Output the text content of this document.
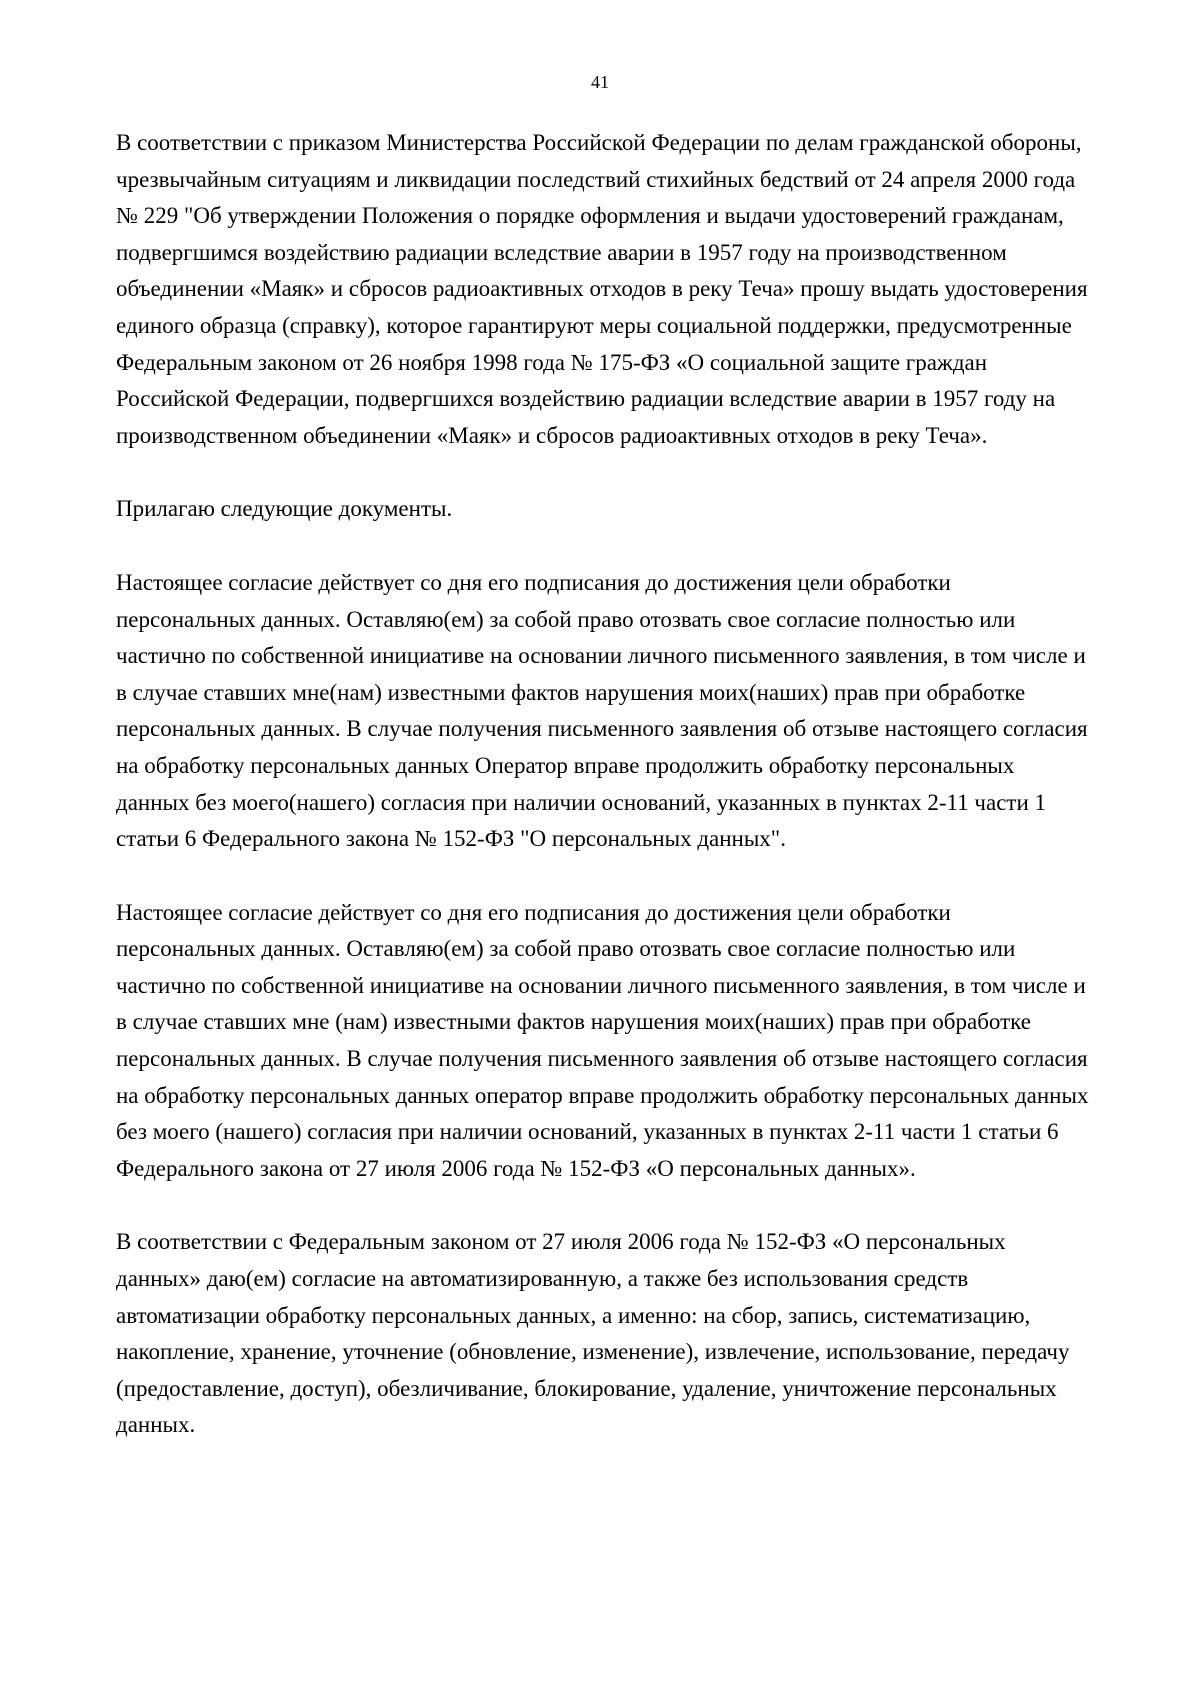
41
В соответствии с приказом Министерства Российской Федерации по делам гражданской обороны,
чрезвычайным ситуациям и ликвидации последствий стихийных бедствий от 24 апреля 2000 года
№ 229 "Об утверждении Положения о порядке оформления и выдачи удостоверений гражданам,
подвергшимся воздействию радиации вследствие аварии в 1957 году на производственном
объединении «Маяк» и сбросов радиоактивных отходов в реку Теча» прошу выдать удостоверения
единого образца (справку), которое гарантируют меры социальной поддержки, предусмотренные
Федеральным законом от 26 ноября 1998 года № 175-ФЗ «О социальной защите граждан
Российской Федерации, подвергшихся воздействию радиации вследствие аварии в 1957 году на
производственном объединении «Маяк» и сбросов радиоактивных отходов в реку Теча».
Прилагаю следующие документы.
Настоящее согласие действует со дня его подписания до достижения цели обработки
персональных данных. Оставляю(ем) за собой право отозвать свое согласие полностью или
частично по собственной инициативе на основании личного письменного заявления, в том числе и
в случае ставших мне(нам) известными фактов нарушения моих(наших) прав при обработке
персональных данных. В случае получения письменного заявления об отзыве настоящего согласия
на обработку персональных данных Оператор вправе продолжить обработку персональных
данных без моего(нашего) согласия при наличии оснований, указанных в пунктах 2-11 части 1
статьи 6 Федерального закона № 152-ФЗ "О персональных данных".
Настоящее согласие действует со дня его подписания до достижения цели обработки
персональных данных. Оставляю(ем) за собой право отозвать свое согласие полностью или
частично по собственной инициативе на основании личного письменного заявления, в том числе и
в случае ставших мне (нам) известными фактов нарушения моих(наших) прав при обработке
персональных данных. В случае получения письменного заявления об отзыве настоящего согласия
на обработку персональных данных оператор вправе продолжить обработку персональных данных
без моего (нашего) согласия при наличии оснований, указанных в пунктах 2-11 части 1 статьи 6
Федерального закона от 27 июля 2006 года № 152-ФЗ «О персональных данных».
В соответствии с Федеральным законом от 27 июля 2006 года № 152-ФЗ «О персональных
данных» даю(ем) согласие на автоматизированную, а также без использования средств
автоматизации обработку персональных данных, а именно: на сбор, запись, систематизацию,
накопление, хранение, уточнение (обновление, изменение), извлечение, использование, передачу
(предоставление, доступ), обезличивание, блокирование, удаление, уничтожение персональных
данных.
